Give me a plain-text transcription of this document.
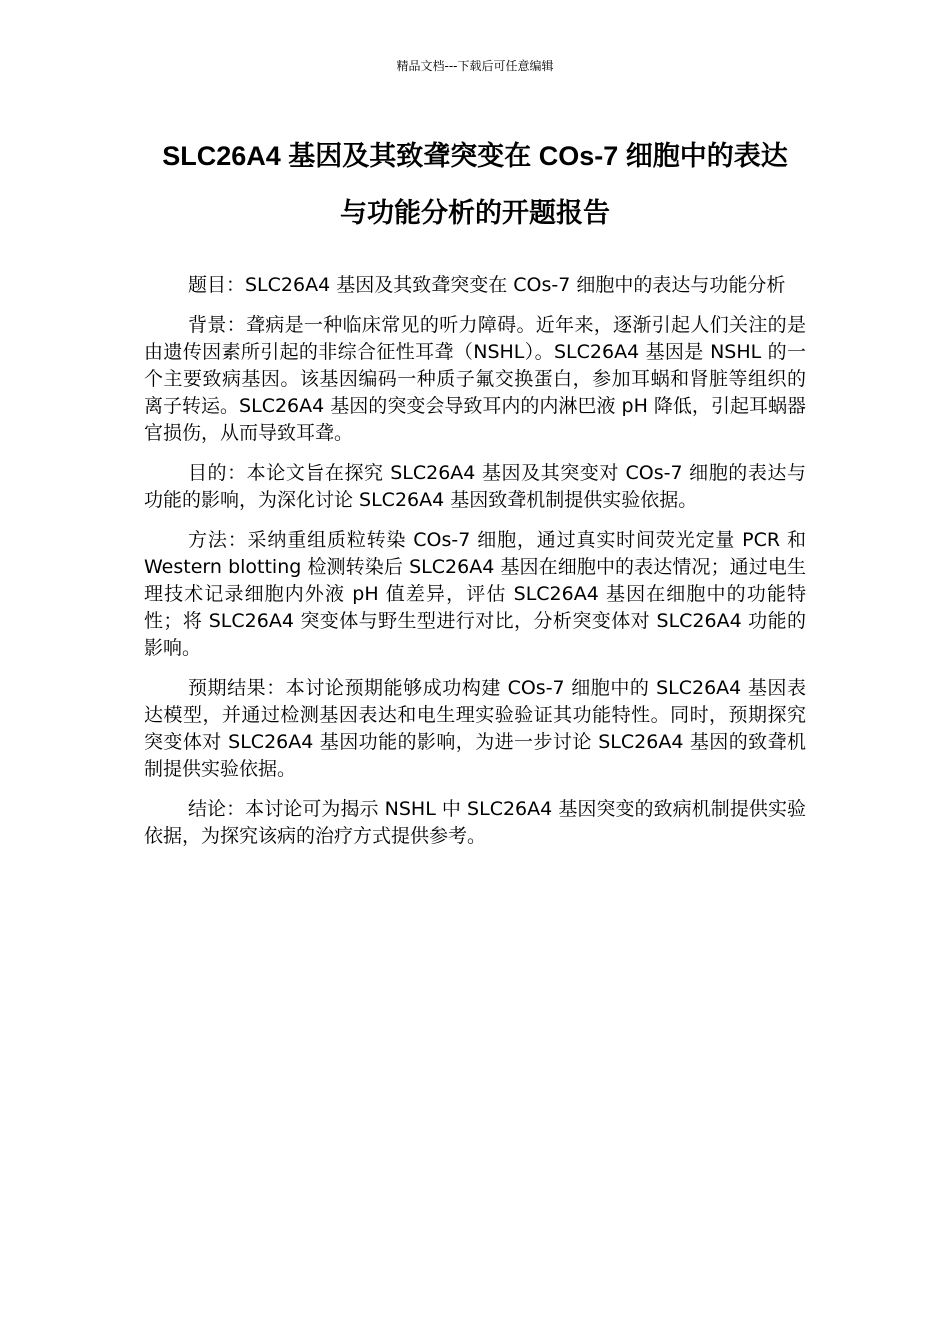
精品文档---下载后可任意编辑
SLC26A4 基因及其致聋突变在 COs-7 细胞中的表达
与功能分析的开题报告

题目：SLC26A4 基因及其致聋突变在 COs-7 细胞中的表达与功能分析

背景：聋病是一种临床常见的听力障碍。近年来，逐渐引起人们关注的是由遗传因素所引起的非综合征性耳聋（NSHL）。SLC26A4 基因是 NSHL 的一个主要致病基因。该基因编码一种质子氟交换蛋白，参加耳蜗和肾脏等组织的离子转运。SLC26A4 基因的突变会导致耳内的内淋巴液 pH 降低，引起耳蜗器官损伤，从而导致耳聋。

目的：本论文旨在探究 SLC26A4 基因及其突变对 COs-7 细胞的表达与功能的影响，为深化讨论 SLC26A4 基因致聋机制提供实验依据。

方法：采纳重组质粒转染 COs-7 细胞，通过真实时间荧光定量 PCR 和 Western blotting 检测转染后 SLC26A4 基因在细胞中的表达情况；通过电生理技术记录细胞内外液 pH 值差异，评估 SLC26A4 基因在细胞中的功能特性；将 SLC26A4 突变体与野生型进行对比，分析突变体对 SLC26A4 功能的影响。

预期结果：本讨论预期能够成功构建 COs-7 细胞中的 SLC26A4 基因表达模型，并通过检测基因表达和电生理实验验证其功能特性。同时，预期探究突变体对 SLC26A4 基因功能的影响，为进一步讨论 SLC26A4 基因的致聋机制提供实验依据。

结论：本讨论可为揭示 NSHL 中 SLC26A4 基因突变的致病机制提供实验依据，为探究该病的治疗方式提供参考。
